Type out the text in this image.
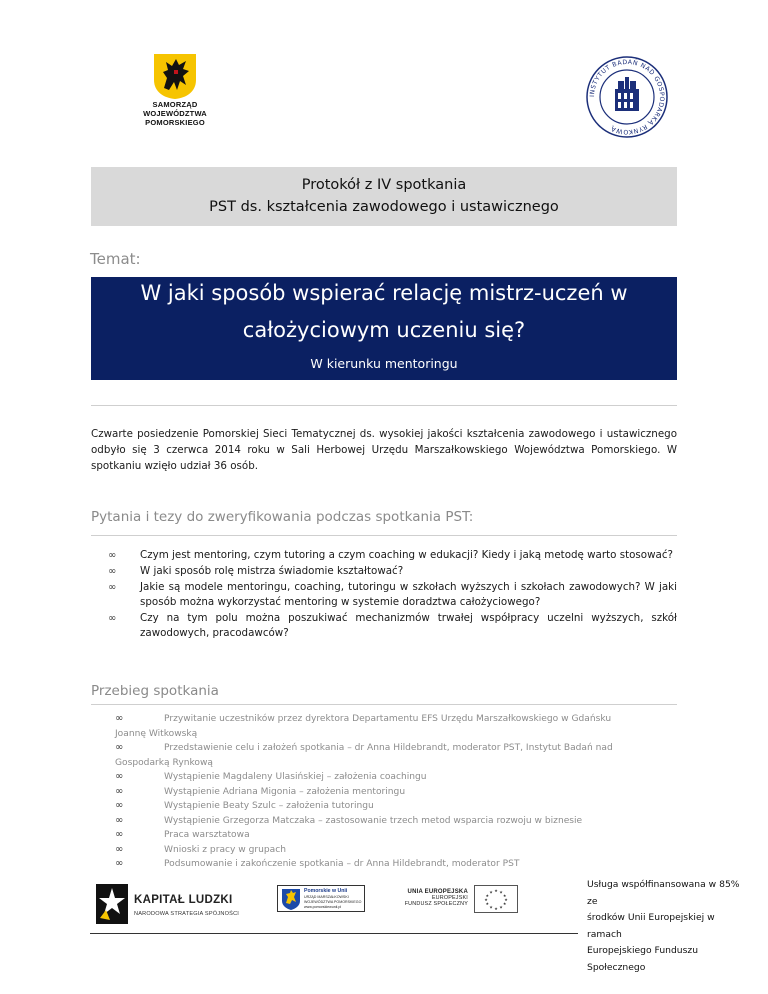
SAMORZĄD
WOJEWÓDZTWA POMORSKIEGO
INSTYTUT BADAŃ NAD GOSPODARKĄ RYNKOWĄ
Protokół z IV spotkania
PST ds. kształcenia zawodowego i ustawicznego
Temat:
W jaki sposób wspierać relację mistrz-uczeń w
całożyciowym uczeniu się?
W kierunku mentoringu
Czwarte posiedzenie Pomorskiej Sieci Tematycznej ds. wysokiej jakości kształcenia zawodowego i ustawicznego odbyło się 3 czerwca 2014 roku w Sali Herbowej Urzędu Marszałkowskiego Województwa Pomorskiego. W spotkaniu wzięło udział 36 osób.
Pytania i tezy do zweryfikowania podczas spotkania PST:
∞ Czym jest mentoring, czym tutoring a czym coaching w edukacji? Kiedy i jaką metodę warto stosować?
∞ W jaki sposób rolę mistrza świadomie kształtować?
∞ Jakie są modele mentoringu, coaching, tutoringu w szkołach wyższych i szkołach zawodowych? W jaki sposób można wykorzystać mentoring w systemie doradztwa całożyciowego?
∞ Czy na tym polu można poszukiwać mechanizmów trwałej współpracy uczelni wyższych, szkół zawodowych, pracodawców?
Przebieg spotkania
∞	Przywitanie uczestników przez dyrektora Departamentu EFS Urzędu Marszałkowskiego w Gdańsku
Joannę Witkowską
∞	Przedstawienie celu i założeń spotkania – dr Anna Hildebrandt, moderator PST, Instytut Badań nad
Gospodarką Rynkową
∞	Wystąpienie Magdaleny Ulasińskiej – założenia coachingu
∞	Wystąpienie Adriana Migonia – założenia mentoringu
∞	Wystąpienie Beaty Szulc – założenia tutoringu
∞	Wystąpienie Grzegorza Matczaka – zastosowanie trzech metod wsparcia rozwoju w biznesie
∞	Praca warsztatowa
∞	Wnioski z pracy w grupach
∞	Podsumowanie i zakończenie spotkania – dr Anna Hildebrandt, moderator PST
KAPITAŁ LUDZKI
NARODOWA STRATEGIA SPÓJNOŚCI
Pomorskie w Unii
URZĄD MARSZAŁKOWSKI
WOJEWÓDZTWA POMORSKIEGO
www.pomorskiewunii.pl
UNIA EUROPEJSKA
EUROPEJSKI
FUNDUSZ SPOŁECZNY
★ ★
★
★
★
★
★
★
★
★
★
★
Usługa współfinansowana w 85% ze
środków Unii Europejskiej w ramach
Europejskiego Funduszu
Społecznego
